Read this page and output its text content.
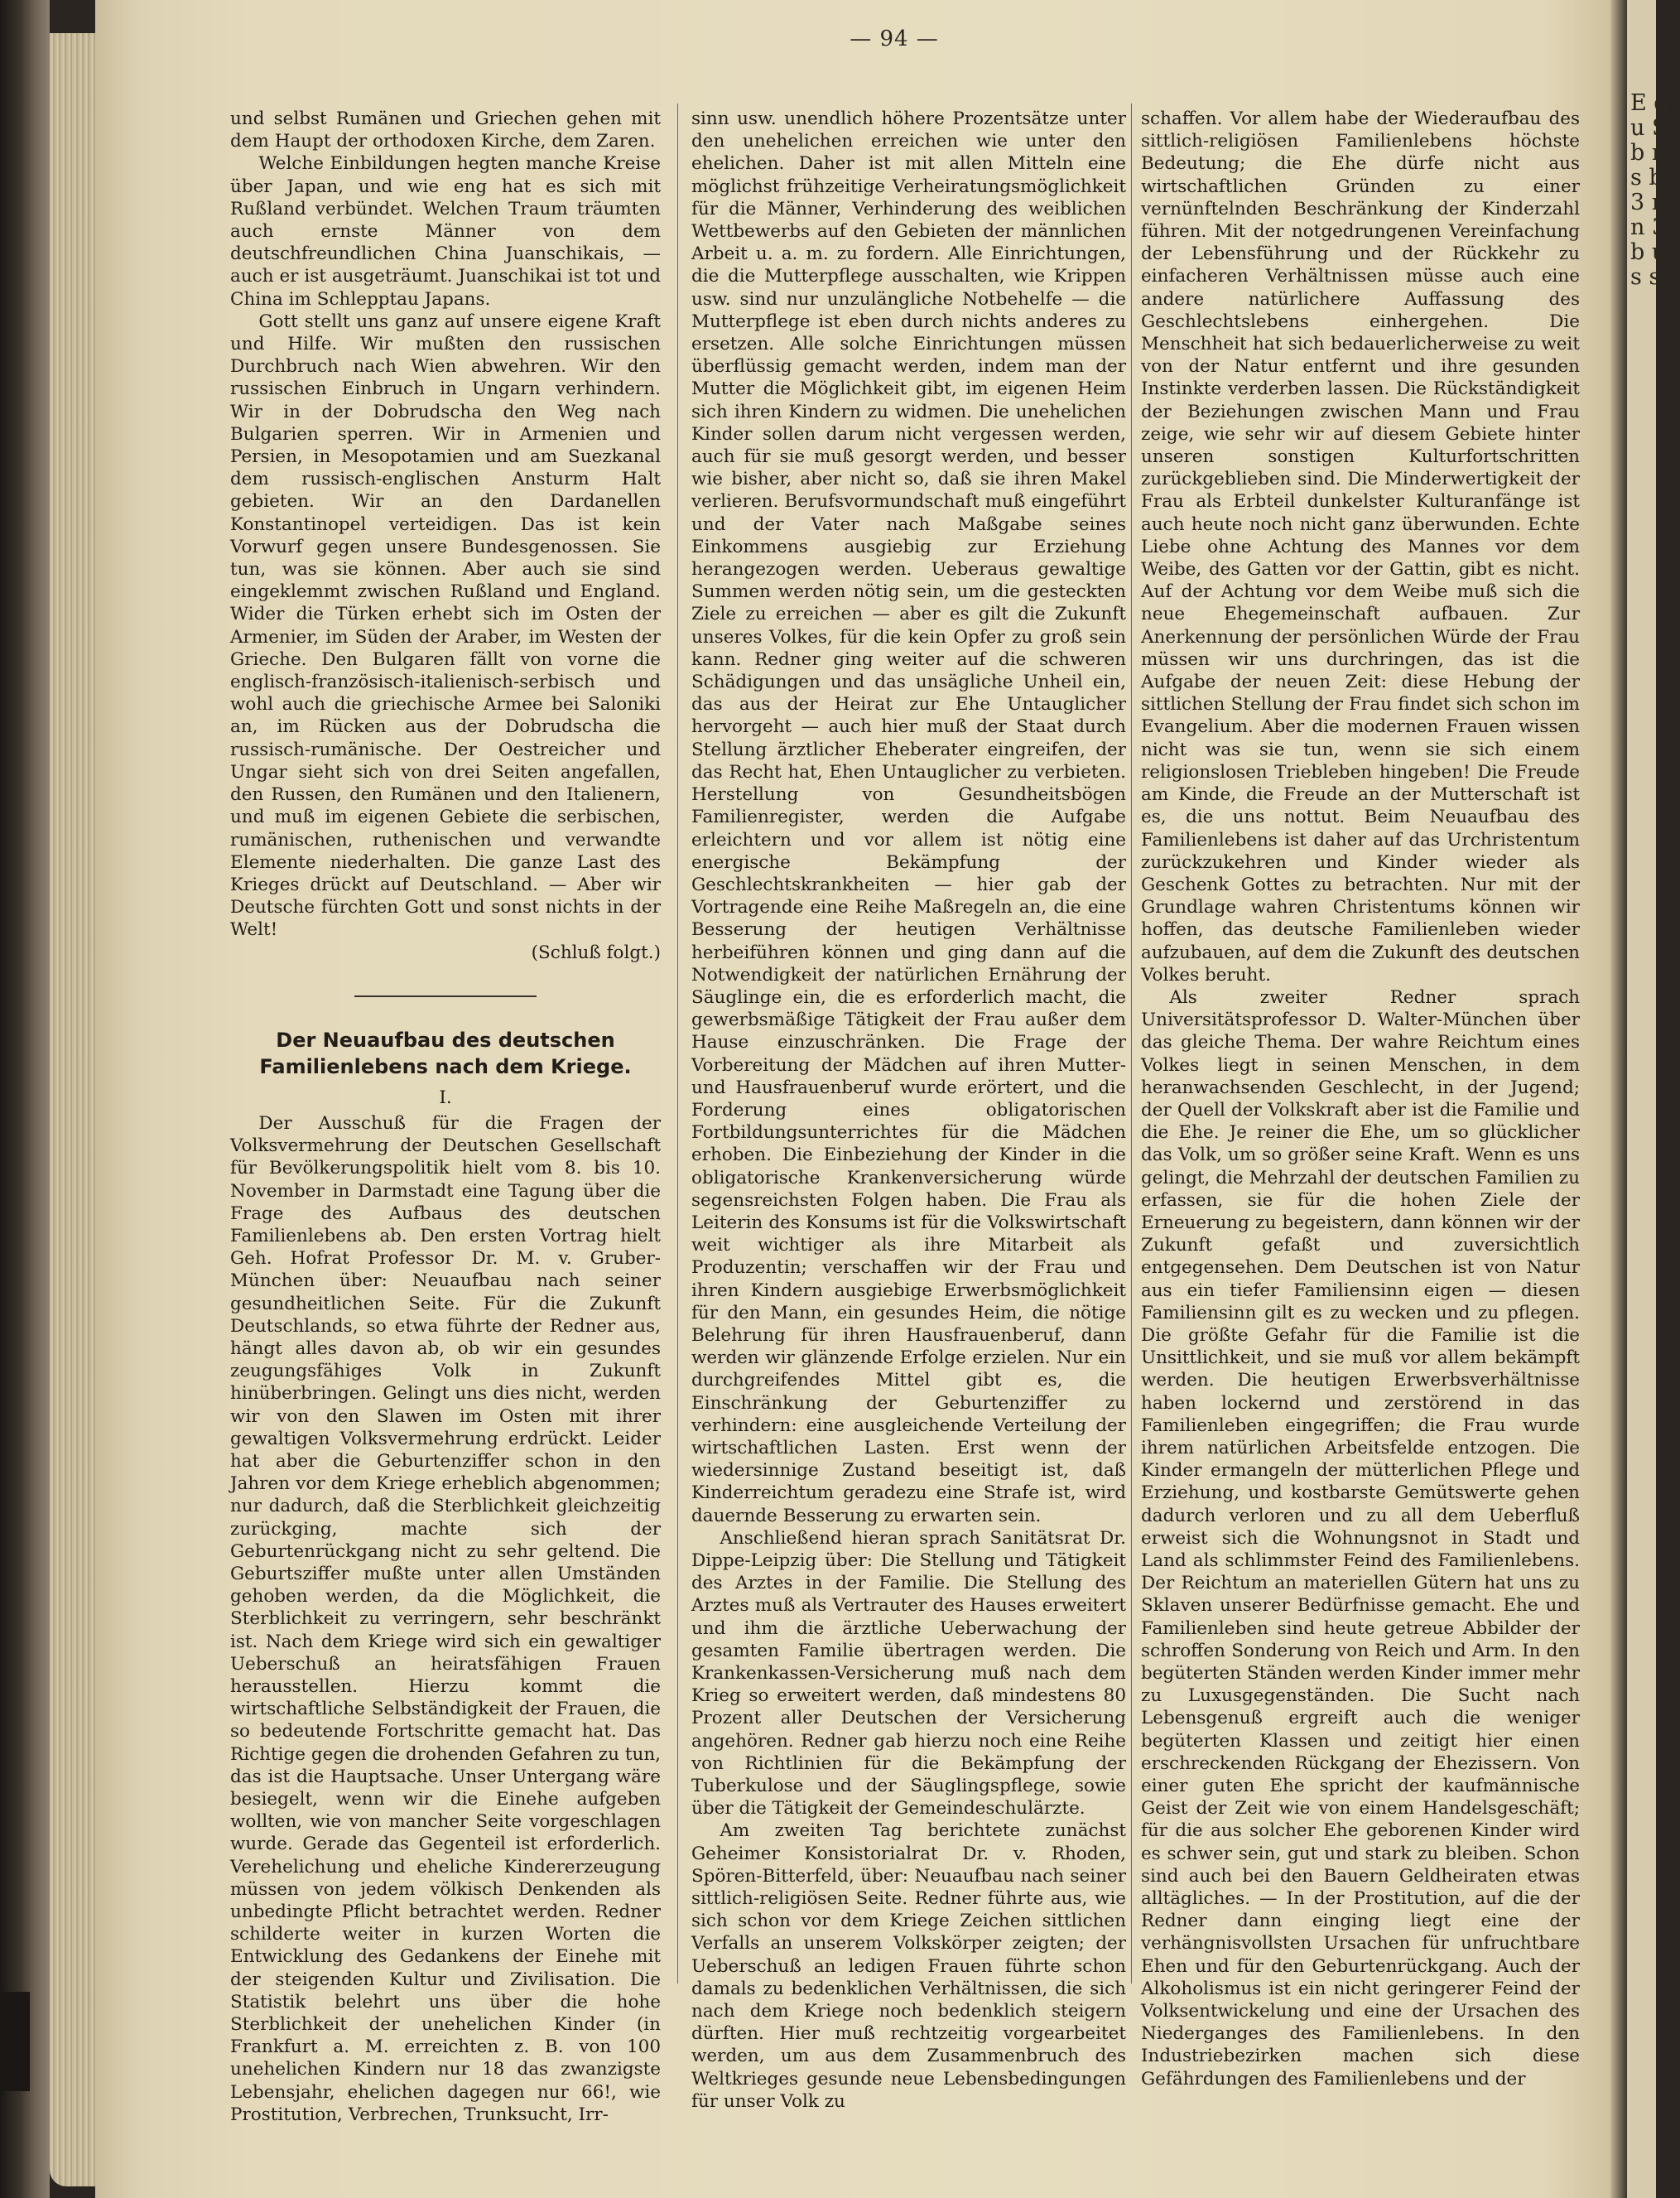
E g u S b n s b 3 m n 3 b u s s
— 94 —

und selbst Rumänen und Griechen gehen mit dem Haupt der orthodoxen Kirche, dem Zaren.

Welche Einbildungen hegten manche Kreise über Japan, und wie eng hat es sich mit Rußland verbündet. Welchen Traum träumten auch ernste Männer von dem deutschfreundlichen China Juanschikais, — auch er ist ausgeträumt. Juanschikai ist tot und China im Schlepptau Japans.

Gott stellt uns ganz auf unsere eigene Kraft und Hilfe. Wir mußten den russischen Durchbruch nach Wien abwehren. Wir den russischen Einbruch in Ungarn verhindern. Wir in der Dobrudscha den Weg nach Bulgarien sperren. Wir in Armenien und Persien, in Mesopotamien und am Suezkanal dem russisch-englischen Ansturm Halt gebieten. Wir an den Dardanellen Konstantinopel verteidigen. Das ist kein Vorwurf gegen unsere Bundesgenossen. Sie tun, was sie können. Aber auch sie sind eingeklemmt zwischen Rußland und England. Wider die Türken erhebt sich im Osten der Armenier, im Süden der Araber, im Westen der Grieche. Den Bulgaren fällt von vorne die englisch-französisch-italienisch-serbisch und wohl auch die griechische Armee bei Saloniki an, im Rücken aus der Dobrudscha die russisch-rumänische. Der Oestreicher und Ungar sieht sich von drei Seiten angefallen, den Russen, den Rumänen und den Italienern, und muß im eigenen Gebiete die serbischen, rumänischen, ruthenischen und verwandte Elemente niederhalten. Die ganze Last des Krieges drückt auf Deutschland. — Aber wir Deutsche fürchten Gott und sonst nichts in der Welt!

(Schluß folgt.)

Der Neuaufbau des deutschen Familienlebens nach dem Kriege.
I.

Der Ausschuß für die Fragen der Volksvermehrung der Deutschen Gesellschaft für Bevölkerungspolitik hielt vom 8. bis 10. November in Darmstadt eine Tagung über die Frage des Aufbaus des deutschen Familienlebens ab. Den ersten Vortrag hielt Geh. Hofrat Professor Dr. M. v. Gruber-München über: Neuaufbau nach seiner gesundheitlichen Seite. Für die Zukunft Deutschlands, so etwa führte der Redner aus, hängt alles davon ab, ob wir ein gesundes zeugungsfähiges Volk in Zukunft hinüberbringen. Gelingt uns dies nicht, werden wir von den Slawen im Osten mit ihrer gewaltigen Volksvermehrung erdrückt. Leider hat aber die Geburtenziffer schon in den Jahren vor dem Kriege erheblich abgenommen; nur dadurch, daß die Sterblichkeit gleichzeitig zurückging, machte sich der Geburtenrückgang nicht zu sehr geltend. Die Geburtsziffer mußte unter allen Umständen gehoben werden, da die Möglichkeit, die Sterblichkeit zu verringern, sehr beschränkt ist. Nach dem Kriege wird sich ein gewaltiger Ueberschuß an heiratsfähigen Frauen herausstellen. Hierzu kommt die wirtschaftliche Selbständigkeit der Frauen, die so bedeutende Fortschritte gemacht hat. Das Richtige gegen die drohenden Gefahren zu tun, das ist die Hauptsache. Unser Untergang wäre besiegelt, wenn wir die Einehe aufgeben wollten, wie von mancher Seite vorgeschlagen wurde. Gerade das Gegenteil ist erforderlich. Verehelichung und eheliche Kindererzeugung müssen von jedem völkisch Denkenden als unbedingte Pflicht betrachtet werden. Redner schilderte weiter in kurzen Worten die Entwicklung des Gedankens der Einehe mit der steigenden Kultur und Zivilisation. Die Statistik belehrt uns über die hohe Sterblichkeit der unehelichen Kinder (in Frankfurt a. M. erreichten z. B. von 100 unehelichen Kindern nur 18 das zwanzigste Lebensjahr, ehelichen dagegen nur 66!, wie Prostitution, Verbrechen, Trunksucht, Irr-

sinn usw. unendlich höhere Prozentsätze unter den unehelichen erreichen wie unter den ehelichen. Daher ist mit allen Mitteln eine möglichst frühzeitige Verheiratungsmöglichkeit für die Männer, Verhinderung des weiblichen Wettbewerbs auf den Gebieten der männlichen Arbeit u. a. m. zu fordern. Alle Einrichtungen, die die Mutterpflege ausschalten, wie Krippen usw. sind nur unzulängliche Notbehelfe — die Mutterpflege ist eben durch nichts anderes zu ersetzen. Alle solche Einrichtungen müssen überflüssig gemacht werden, indem man der Mutter die Möglichkeit gibt, im eigenen Heim sich ihren Kindern zu widmen. Die unehelichen Kinder sollen darum nicht vergessen werden, auch für sie muß gesorgt werden, und besser wie bisher, aber nicht so, daß sie ihren Makel verlieren. Berufsvormundschaft muß eingeführt und der Vater nach Maßgabe seines Einkommens ausgiebig zur Erziehung herangezogen werden. Ueberaus gewaltige Summen werden nötig sein, um die gesteckten Ziele zu erreichen — aber es gilt die Zukunft unseres Volkes, für die kein Opfer zu groß sein kann. Redner ging weiter auf die schweren Schädigungen und das unsägliche Unheil ein, das aus der Heirat zur Ehe Untauglicher hervorgeht — auch hier muß der Staat durch Stellung ärztlicher Eheberater eingreifen, der das Recht hat, Ehen Untauglicher zu verbieten. Herstellung von Gesundheitsbögen Familienregister, werden die Aufgabe erleichtern und vor allem ist nötig eine energische Bekämpfung der Geschlechtskrankheiten — hier gab der Vortragende eine Reihe Maßregeln an, die eine Besserung der heutigen Verhältnisse herbeiführen können und ging dann auf die Notwendigkeit der natürlichen Ernährung der Säuglinge ein, die es erforderlich macht, die gewerbsmäßige Tätigkeit der Frau außer dem Hause einzuschränken. Die Frage der Vorbereitung der Mädchen auf ihren Mutter- und Hausfrauenberuf wurde erörtert, und die Forderung eines obligatorischen Fortbildungsunterrichtes für die Mädchen erhoben. Die Einbeziehung der Kinder in die obligatorische Krankenversicherung würde segensreichsten Folgen haben. Die Frau als Leiterin des Konsums ist für die Volkswirtschaft weit wichtiger als ihre Mitarbeit als Produzentin; verschaffen wir der Frau und ihren Kindern ausgiebige Erwerbsmöglichkeit für den Mann, ein gesundes Heim, die nötige Belehrung für ihren Hausfrauenberuf, dann werden wir glänzende Erfolge erzielen. Nur ein durchgreifendes Mittel gibt es, die Einschränkung der Geburtenziffer zu verhindern: eine ausgleichende Verteilung der wirtschaftlichen Lasten. Erst wenn der wiedersinnige Zustand beseitigt ist, daß Kinderreichtum geradezu eine Strafe ist, wird dauernde Besserung zu erwarten sein.

Anschließend hieran sprach Sanitätsrat Dr. Dippe-Leipzig über: Die Stellung und Tätigkeit des Arztes in der Familie. Die Stellung des Arztes muß als Vertrauter des Hauses erweitert und ihm die ärztliche Ueberwachung der gesamten Familie übertragen werden. Die Krankenkassen-Versicherung muß nach dem Krieg so erweitert werden, daß mindestens 80 Prozent aller Deutschen der Versicherung angehören. Redner gab hierzu noch eine Reihe von Richtlinien für die Bekämpfung der Tuberkulose und der Säuglingspflege, sowie über die Tätigkeit der Gemeindeschulärzte.

Am zweiten Tag berichtete zunächst Geheimer Konsistorialrat Dr. v. Rhoden, Spören-Bitterfeld, über: Neuaufbau nach seiner sittlich-religiösen Seite. Redner führte aus, wie sich schon vor dem Kriege Zeichen sittlichen Verfalls an unserem Volkskörper zeigten; der Ueberschuß an ledigen Frauen führte schon damals zu bedenklichen Verhältnissen, die sich nach dem Kriege noch bedenklich steigern dürften. Hier muß rechtzeitig vorgearbeitet werden, um aus dem Zusammenbruch des Weltkrieges gesunde neue Lebensbedingungen für unser Volk zu

schaffen. Vor allem habe der Wiederaufbau des sittlich-religiösen Familienlebens höchste Bedeutung; die Ehe dürfe nicht aus wirtschaftlichen Gründen zu einer vernünftelnden Beschränkung der Kinderzahl führen. Mit der notgedrungenen Vereinfachung der Lebensführung und der Rückkehr zu einfacheren Verhältnissen müsse auch eine andere natürlichere Auffassung des Geschlechtslebens einhergehen. Die Menschheit hat sich bedauerlicherweise zu weit von der Natur entfernt und ihre gesunden Instinkte verderben lassen. Die Rückständigkeit der Beziehungen zwischen Mann und Frau zeige, wie sehr wir auf diesem Gebiete hinter unseren sonstigen Kulturfortschritten zurückgeblieben sind. Die Minderwertigkeit der Frau als Erbteil dunkelster Kulturanfänge ist auch heute noch nicht ganz überwunden. Echte Liebe ohne Achtung des Mannes vor dem Weibe, des Gatten vor der Gattin, gibt es nicht. Auf der Achtung vor dem Weibe muß sich die neue Ehegemeinschaft aufbauen. Zur Anerkennung der persönlichen Würde der Frau müssen wir uns durchringen, das ist die Aufgabe der neuen Zeit: diese Hebung der sittlichen Stellung der Frau findet sich schon im Evangelium. Aber die modernen Frauen wissen nicht was sie tun, wenn sie sich einem religionslosen Triebleben hingeben! Die Freude am Kinde, die Freude an der Mutterschaft ist es, die uns nottut. Beim Neuaufbau des Familienlebens ist daher auf das Urchristentum zurückzukehren und Kinder wieder als Geschenk Gottes zu betrachten. Nur mit der Grundlage wahren Christentums können wir hoffen, das deutsche Familienleben wieder aufzubauen, auf dem die Zukunft des deutschen Volkes beruht.

Als zweiter Redner sprach Universitätsprofessor D. Walter-München über das gleiche Thema. Der wahre Reichtum eines Volkes liegt in seinen Menschen, in dem heranwachsenden Geschlecht, in der Jugend; der Quell der Volkskraft aber ist die Familie und die Ehe. Je reiner die Ehe, um so glücklicher das Volk, um so größer seine Kraft. Wenn es uns gelingt, die Mehrzahl der deutschen Familien zu erfassen, sie für die hohen Ziele der Erneuerung zu begeistern, dann können wir der Zukunft gefaßt und zuversichtlich entgegensehen. Dem Deutschen ist von Natur aus ein tiefer Familiensinn eigen — diesen Familiensinn gilt es zu wecken und zu pflegen. Die größte Gefahr für die Familie ist die Unsittlichkeit, und sie muß vor allem bekämpft werden. Die heutigen Erwerbsverhältnisse haben lockernd und zerstörend in das Familienleben eingegriffen; die Frau wurde ihrem natürlichen Arbeitsfelde entzogen. Die Kinder ermangeln der mütterlichen Pflege und Erziehung, und kostbarste Gemütswerte gehen dadurch verloren und zu all dem Ueberfluß erweist sich die Wohnungsnot in Stadt und Land als schlimmster Feind des Familienlebens. Der Reichtum an materiellen Gütern hat uns zu Sklaven unserer Bedürfnisse gemacht. Ehe und Familienleben sind heute getreue Abbilder der schroffen Sonderung von Reich und Arm. In den begüterten Ständen werden Kinder immer mehr zu Luxusgegenständen. Die Sucht nach Lebensgenuß ergreift auch die weniger begüterten Klassen und zeitigt hier einen erschreckenden Rückgang der Ehezissern. Von einer guten Ehe spricht der kaufmännische Geist der Zeit wie von einem Handelsgeschäft; für die aus solcher Ehe geborenen Kinder wird es schwer sein, gut und stark zu bleiben. Schon sind auch bei den Bauern Geldheiraten etwas alltägliches. — In der Prostitution, auf die der Redner dann einging liegt eine der verhängnisvollsten Ursachen für unfruchtbare Ehen und für den Geburtenrückgang. Auch der Alkoholismus ist ein nicht geringerer Feind der Volksentwickelung und eine der Ursachen des Niederganges des Familienlebens. In den Industriebezirken machen sich diese Gefährdungen des Familienlebens und der
